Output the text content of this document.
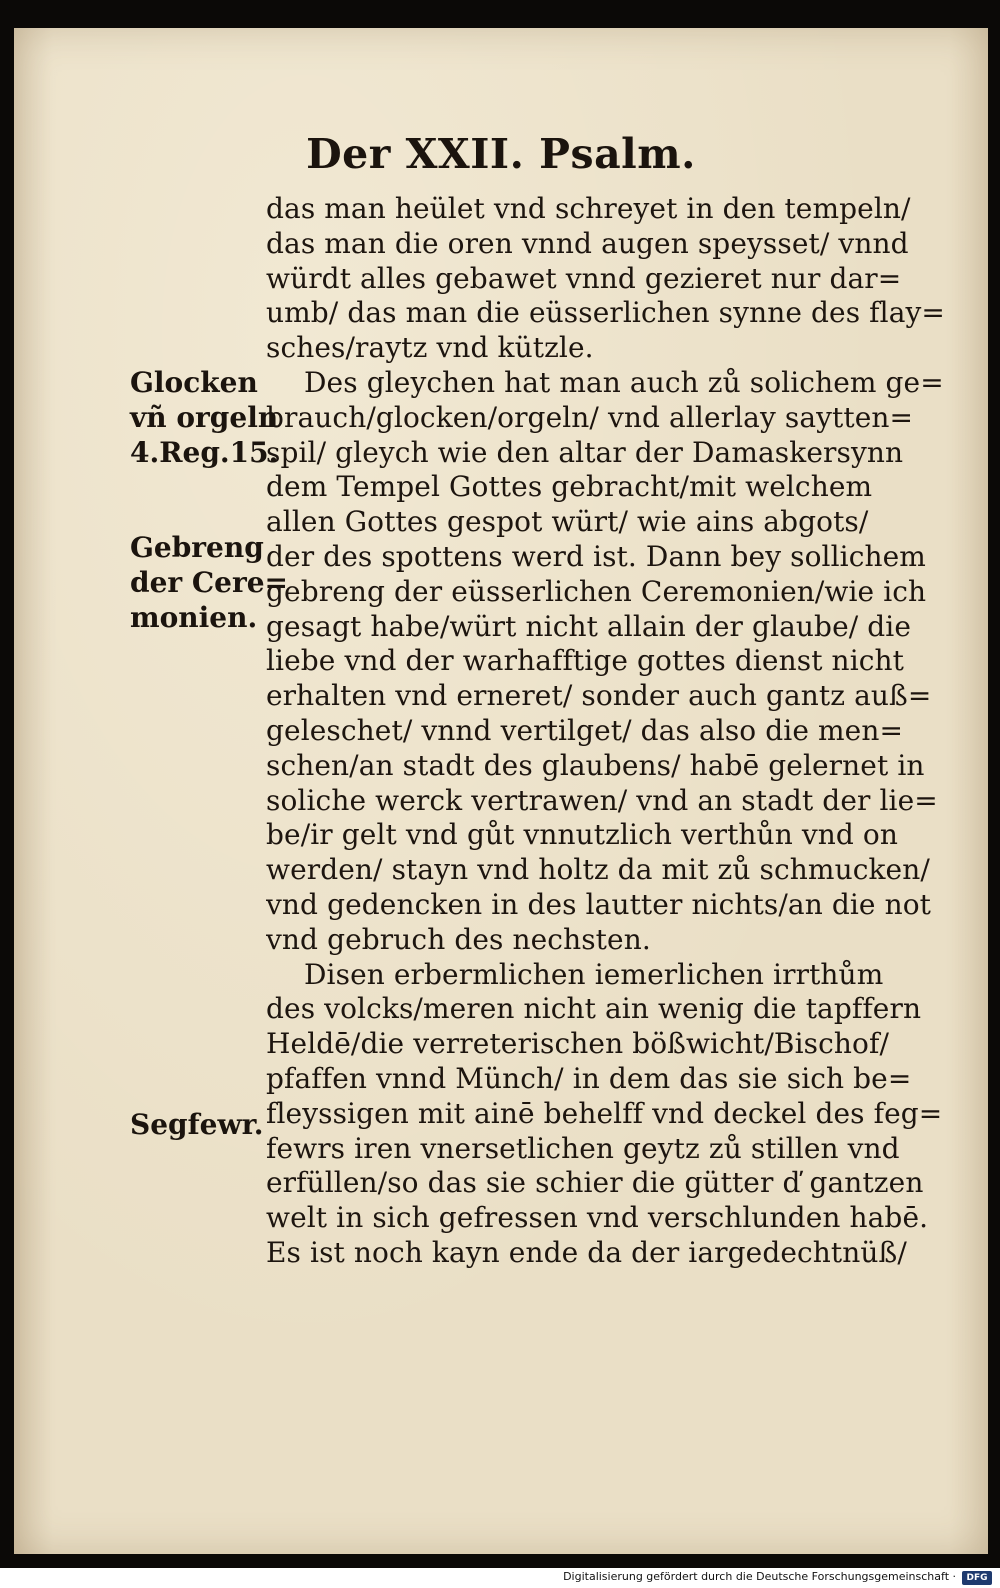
Der XXII. Psalm.
das man heület vnd schreyet in den tempeln/
das man die oren vnnd augen speysset/ vnnd
würdt alles gebawet vnnd gezieret nur dar=
umb/ das man die eüsserlichen synne des flay=
sches/raytz vnd kützle.
Des gleychen hat man auch zů solichem ge=
brauch/glocken/orgeln/ vnd allerlay saytten=
spil/ gleych wie den altar der Damaskersynn
dem Tempel Gottes gebracht/mit welchem
allen Gottes gespot würt/ wie ains abgots/
der des spottens werd ist. Dann bey sollichem
gebreng der eüsserlichen Ceremonien/wie ich
gesagt habe/würt nicht allain der glaube/ die
liebe vnd der warhafftige gottes dienst nicht
erhalten vnd erneret/ sonder auch gantz auß=
geleschet/ vnnd vertilget/ das also die men=
schen/an stadt des glaubens/ habē gelernet in
soliche werck vertrawen/ vnd an stadt der lie=
be/ir gelt vnd gůt vnnutzlich verthůn vnd on
werden/ stayn vnd holtz da mit zů schmucken/
vnd gedencken in des lautter nichts/an die not
vnd gebruch des nechsten.
Disen erbermlichen iemerlichen irrthům
des volcks/meren nicht ain wenig die tapffern
Heldē/die verreterischen bößwicht/Bischof/
pfaffen vnnd Münch/ in dem das sie sich be=
fleyssigen mit ainē behelff vnd deckel des feg=
fewrs iren vnersetlichen geytz zů stillen vnd
erfüllen/so das sie schier die gütter ď gantzen
welt in sich gefressen vnd verschlunden habē.
Es ist noch kayn ende da der iargedechtnüß/
Glocken
vñ orgeln
4.Reg.15.
Gebreng
der Cere=
monien.
Segfewr.
Digitalisierung gefördert durch die Deutsche Forschungsgemeinschaft ·	DFG
